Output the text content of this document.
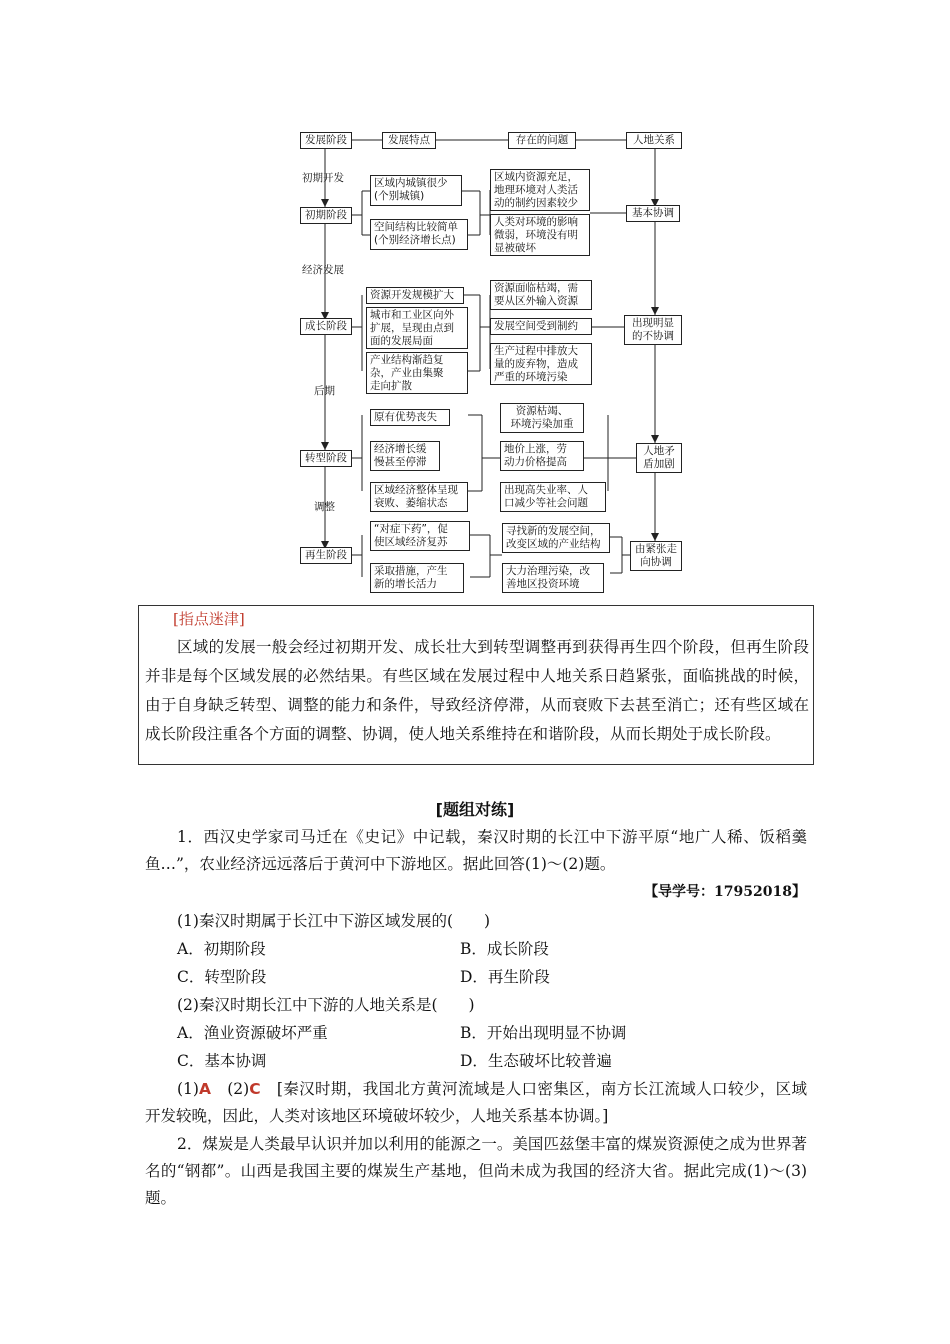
发展阶段	发展特点	存在的问题	人地关系
初期开发
经济发展
后期
调整
初期阶段
成长阶段
转型阶段
再生阶段
区域内城镇很少
(个别城镇)
空间结构比较简单
(个别经济增长点)
区域内资源充足，
地理环境对人类活
动的制约因素较少
人类对环境的影响
微弱，环境没有明
显被破坏
基本协调
资源开发规模扩大
城市和工业区向外
扩展，呈现由点到
面的发展局面
产业结构渐趋复
杂，产业由集聚
走向扩散
资源面临枯竭，需
要从区外输入资源
发展空间受到制约
生产过程中排放大
量的废弃物，造成
严重的环境污染
出现明显
的不协调
原有优势丧失
经济增长缓
慢甚至停滞
区域经济整体呈现
衰败、萎缩状态
资源枯竭、
环境污染加重
地价上涨，劳
动力价格提高
出现高失业率、人
口减少等社会问题
人地矛
盾加剧
“对症下药”，促
使区域经济复苏
采取措施，产生
新的增长活力
寻找新的发展空间，
改变区域的产业结构
大力治理污染，改
善地区投资环境
由紧张走
向协调
[指点迷津]
区域的发展一般会经过初期开发、成长壮大到转型调整再到获得再生四个阶段，但再生阶段并非是每个区域发展的必然结果。有些区域在发展过程中人地关系日趋紧张，面临挑战的时候，由于自身缺乏转型、调整的能力和条件，导致经济停滞，从而衰败下去甚至消亡；还有些区域在成长阶段注重各个方面的调整、协调，使人地关系维持在和谐阶段，从而长期处于成长阶段。
[题组对练]
1．西汉史学家司马迁在《史记》中记载，秦汉时期的长江中下游平原“地广人稀、饭稻羹鱼…”，农业经济远远落后于黄河中下游地区。据此回答(1)～(2)题。
【导学号：17952018】
(1)秦汉时期属于长江中下游区域发展的(　　)
A．初期阶段	B．成长阶段
C．转型阶段	D．再生阶段
(2)秦汉时期长江中下游的人地关系是(　　)
A．渔业资源破坏严重	B．开始出现明显不协调
C．基本协调	D．生态破坏比较普遍
(1)A　 (2)C　 [秦汉时期，我国北方黄河流域是人口密集区，南方长江流域人口较少，区域开发较晚，因此，人类对该地区环境破坏较少，人地关系基本协调。]
2．煤炭是人类最早认识并加以利用的能源之一。美国匹兹堡丰富的煤炭资源使之成为世界著名的“钢都”。山西是我国主要的煤炭生产基地，但尚未成为我国的经济大省。据此完成(1)～(3)题。
